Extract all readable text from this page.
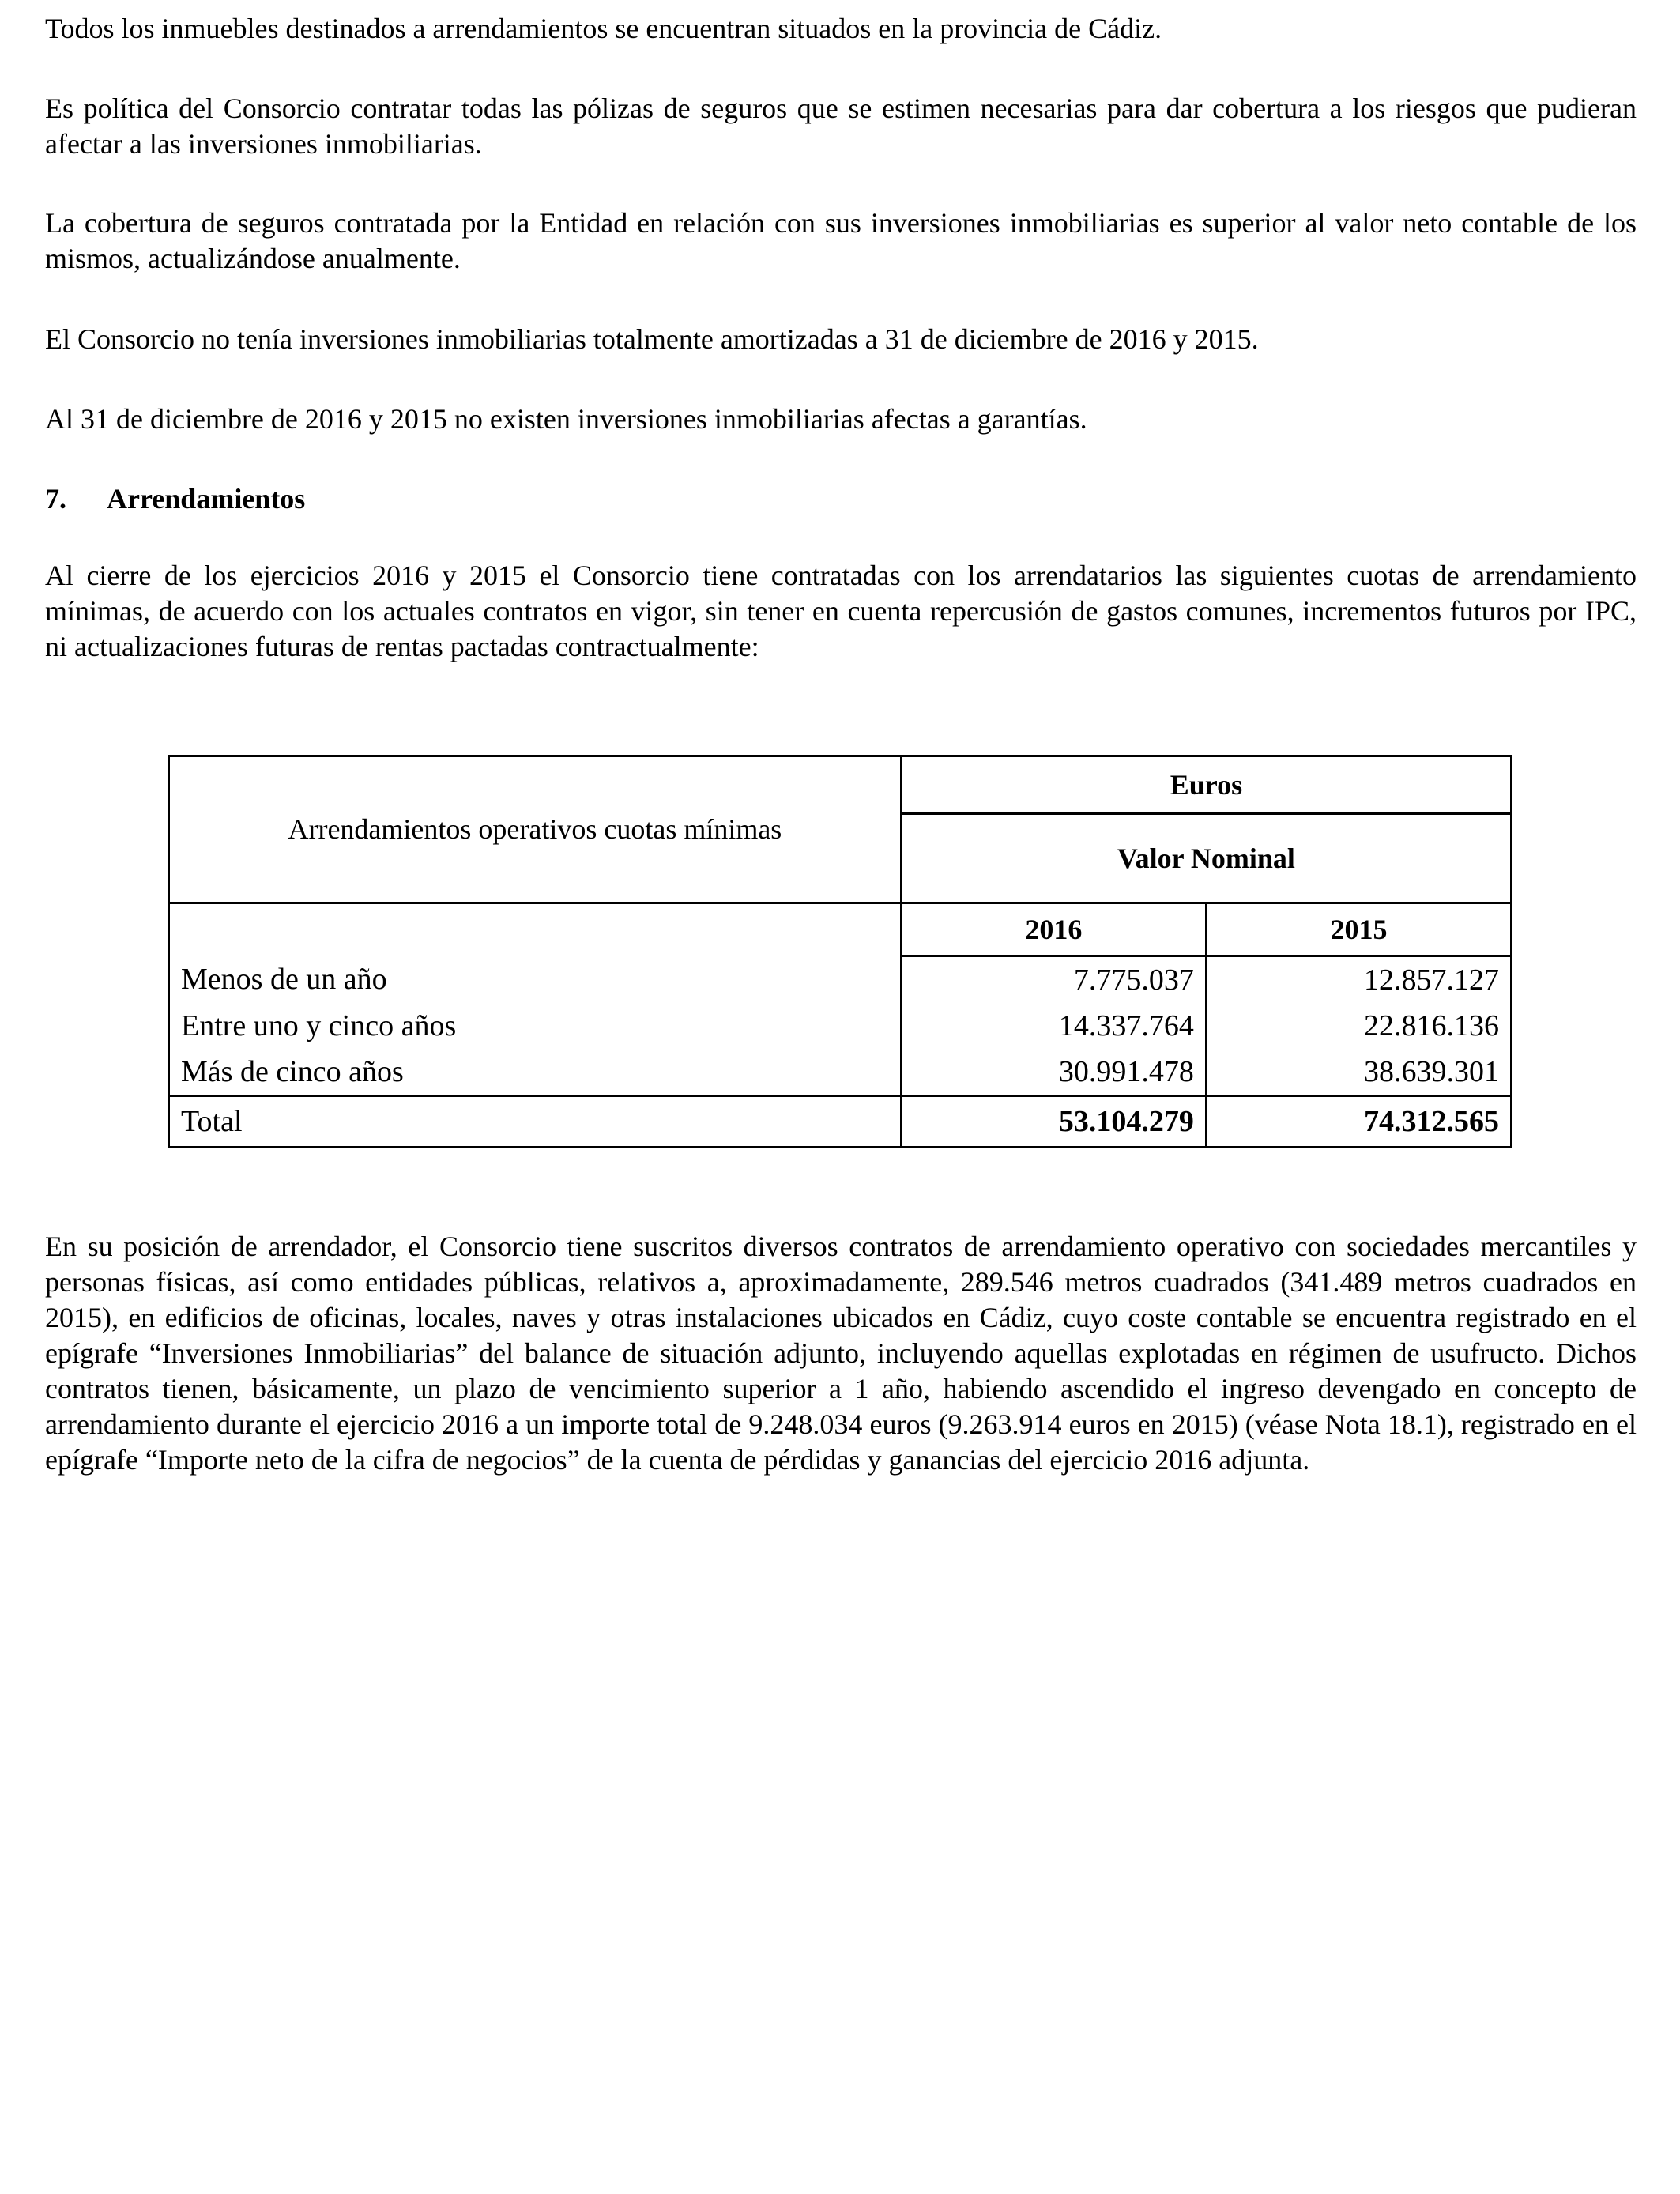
Todos los inmuebles destinados a arrendamientos se encuentran situados en la provincia de Cádiz.

Es política del Consorcio contratar todas las pólizas de seguros que se estimen necesarias para dar cobertura a los riesgos que pudieran afectar a las inversiones inmobiliarias.

La cobertura de seguros contratada por la Entidad en relación con sus inversiones inmobiliarias es superior al valor neto contable de los mismos, actualizándose anualmente.

El Consorcio no tenía inversiones inmobiliarias totalmente amortizadas a 31 de diciembre de 2016 y 2015.

Al 31 de diciembre de 2016 y 2015 no existen inversiones inmobiliarias afectas a garantías.

7. Arrendamientos

Al cierre de los ejercicios 2016 y 2015 el Consorcio tiene contratadas con los arrendatarios las siguientes cuotas de arrendamiento mínimas, de acuerdo con los actuales contratos en vigor, sin tener en cuenta repercusión de gastos comunes, incrementos futuros por IPC, ni actualizaciones futuras de rentas pactadas contractualmente:

Arrendamientos operativos cuotas mínimas	Euros	
	Valor Nominal	
	2016	2015
Menos de un año	7.775.037	12.857.127
Entre uno y cinco años	14.337.764	22.816.136
Más de cinco años	30.991.478	38.639.301
Total	53.104.279	74.312.565

En su posición de arrendador, el Consorcio tiene suscritos diversos contratos de arrendamiento operativo con sociedades mercantiles y personas físicas, así como entidades públicas, relativos a, aproximadamente, 289.546 metros cuadrados (341.489 metros cuadrados en 2015), en edificios de oficinas, locales, naves y otras instalaciones ubicados en Cádiz, cuyo coste contable se encuentra registrado en el epígrafe “Inversiones Inmobiliarias” del balance de situación adjunto, incluyendo aquellas explotadas en régimen de usufructo. Dichos contratos tienen, básicamente, un plazo de vencimiento superior a 1 año, habiendo ascendido el ingreso devengado en concepto de arrendamiento durante el ejercicio 2016 a un importe total de 9.248.034 euros (9.263.914 euros en 2015) (véase Nota 18.1), registrado en el epígrafe “Importe neto de la cifra de negocios” de la cuenta de pérdidas y ganancias del ejercicio 2016 adjunta.
